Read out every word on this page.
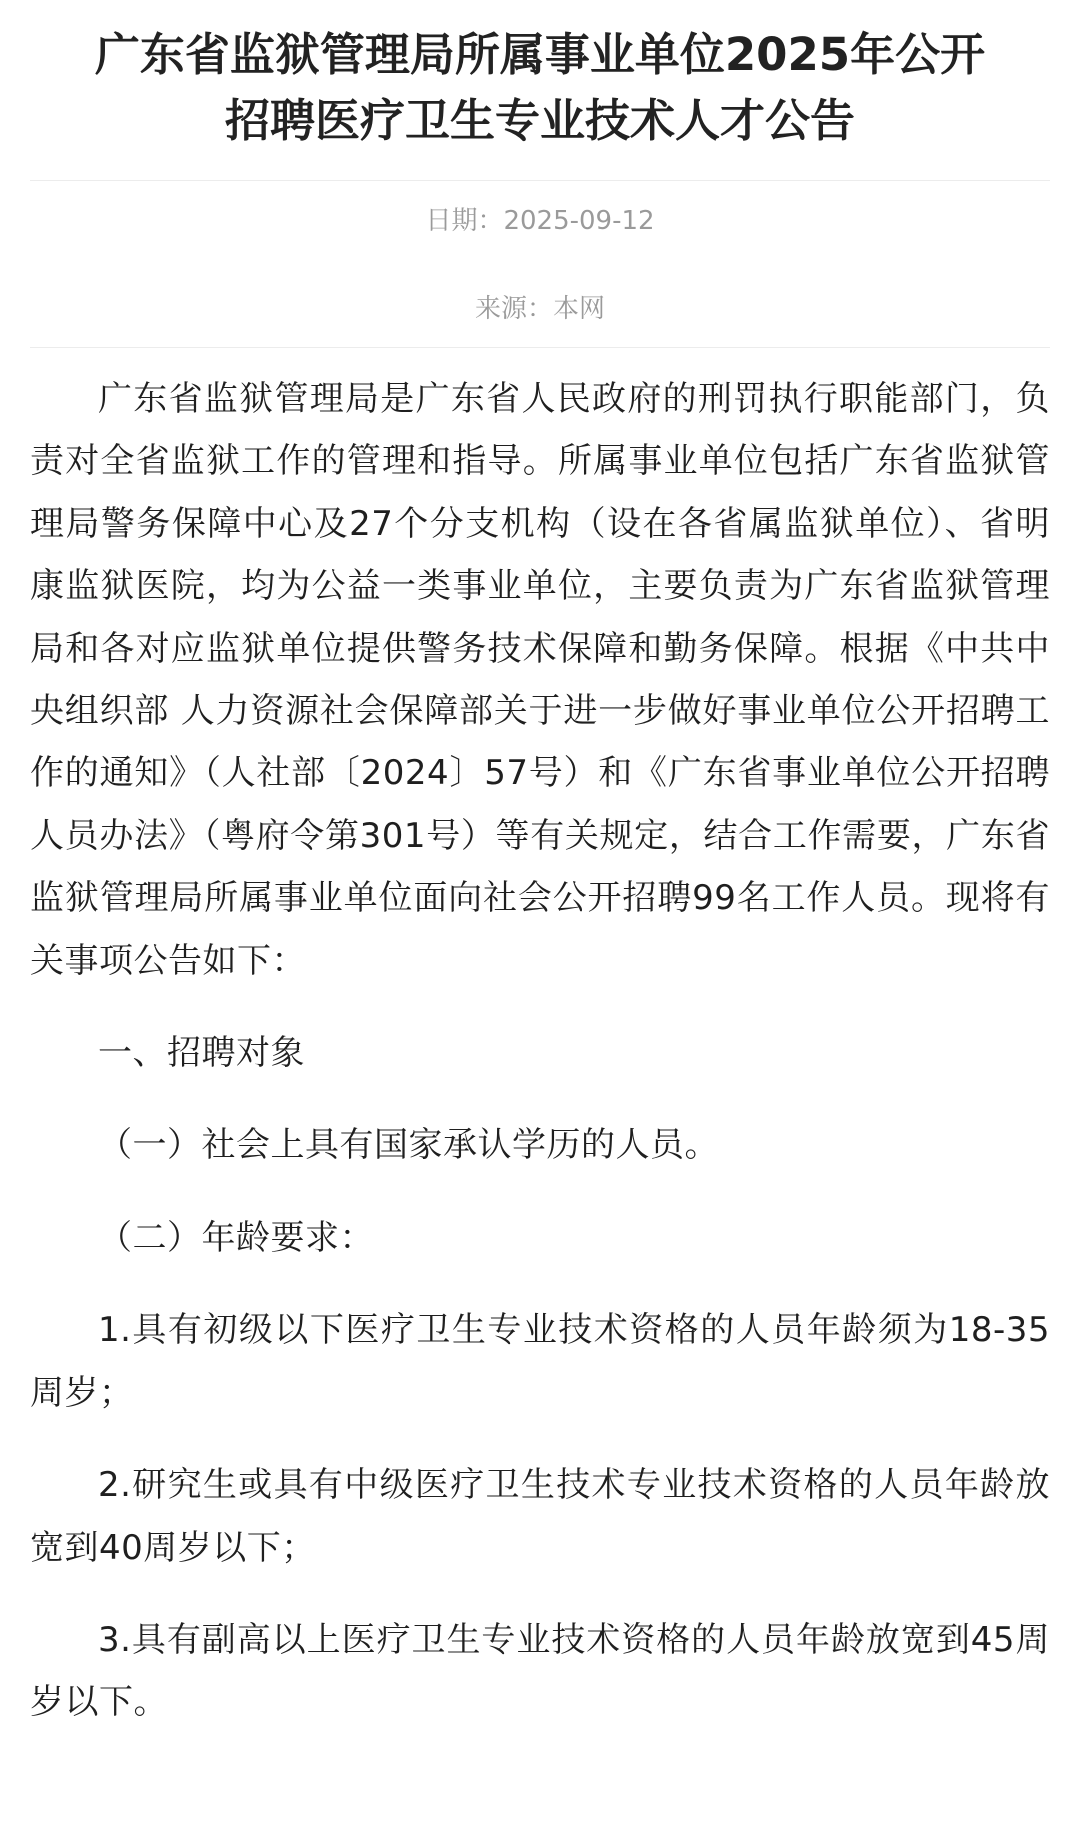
广东省监狱管理局所属事业单位2025年公开
招聘医疗卫生专业技术人才公告
日期：2025-09-12
来源：本网

广东省监狱管理局是广东省人民政府的刑罚执行职能部门，负责对全省监狱工作的管理和指导。所属事业单位包括广东省监狱管理局警务保障中心及27个分支机构（设在各省属监狱单位）、省明康监狱医院，均为公益一类事业单位，主要负责为广东省监狱管理局和各对应监狱单位提供警务技术保障和勤务保障。根据《中共中央组织部 人力资源社会保障部关于进一步做好事业单位公开招聘工作的通知》（人社部〔2024〕57号）和《广东省事业单位公开招聘人员办法》（粤府令第301号）等有关规定，结合工作需要，广东省监狱管理局所属事业单位面向社会公开招聘99名工作人员。现将有关事项公告如下：

一、招聘对象

（一）社会上具有国家承认学历的人员。

（二）年龄要求：

1.具有初级以下医疗卫生专业技术资格的人员年龄须为18-35周岁；

2.研究生或具有中级医疗卫生技术专业技术资格的人员年龄放宽到40周岁以下；

3.具有副高以上医疗卫生专业技术资格的人员年龄放宽到45周岁以下。
